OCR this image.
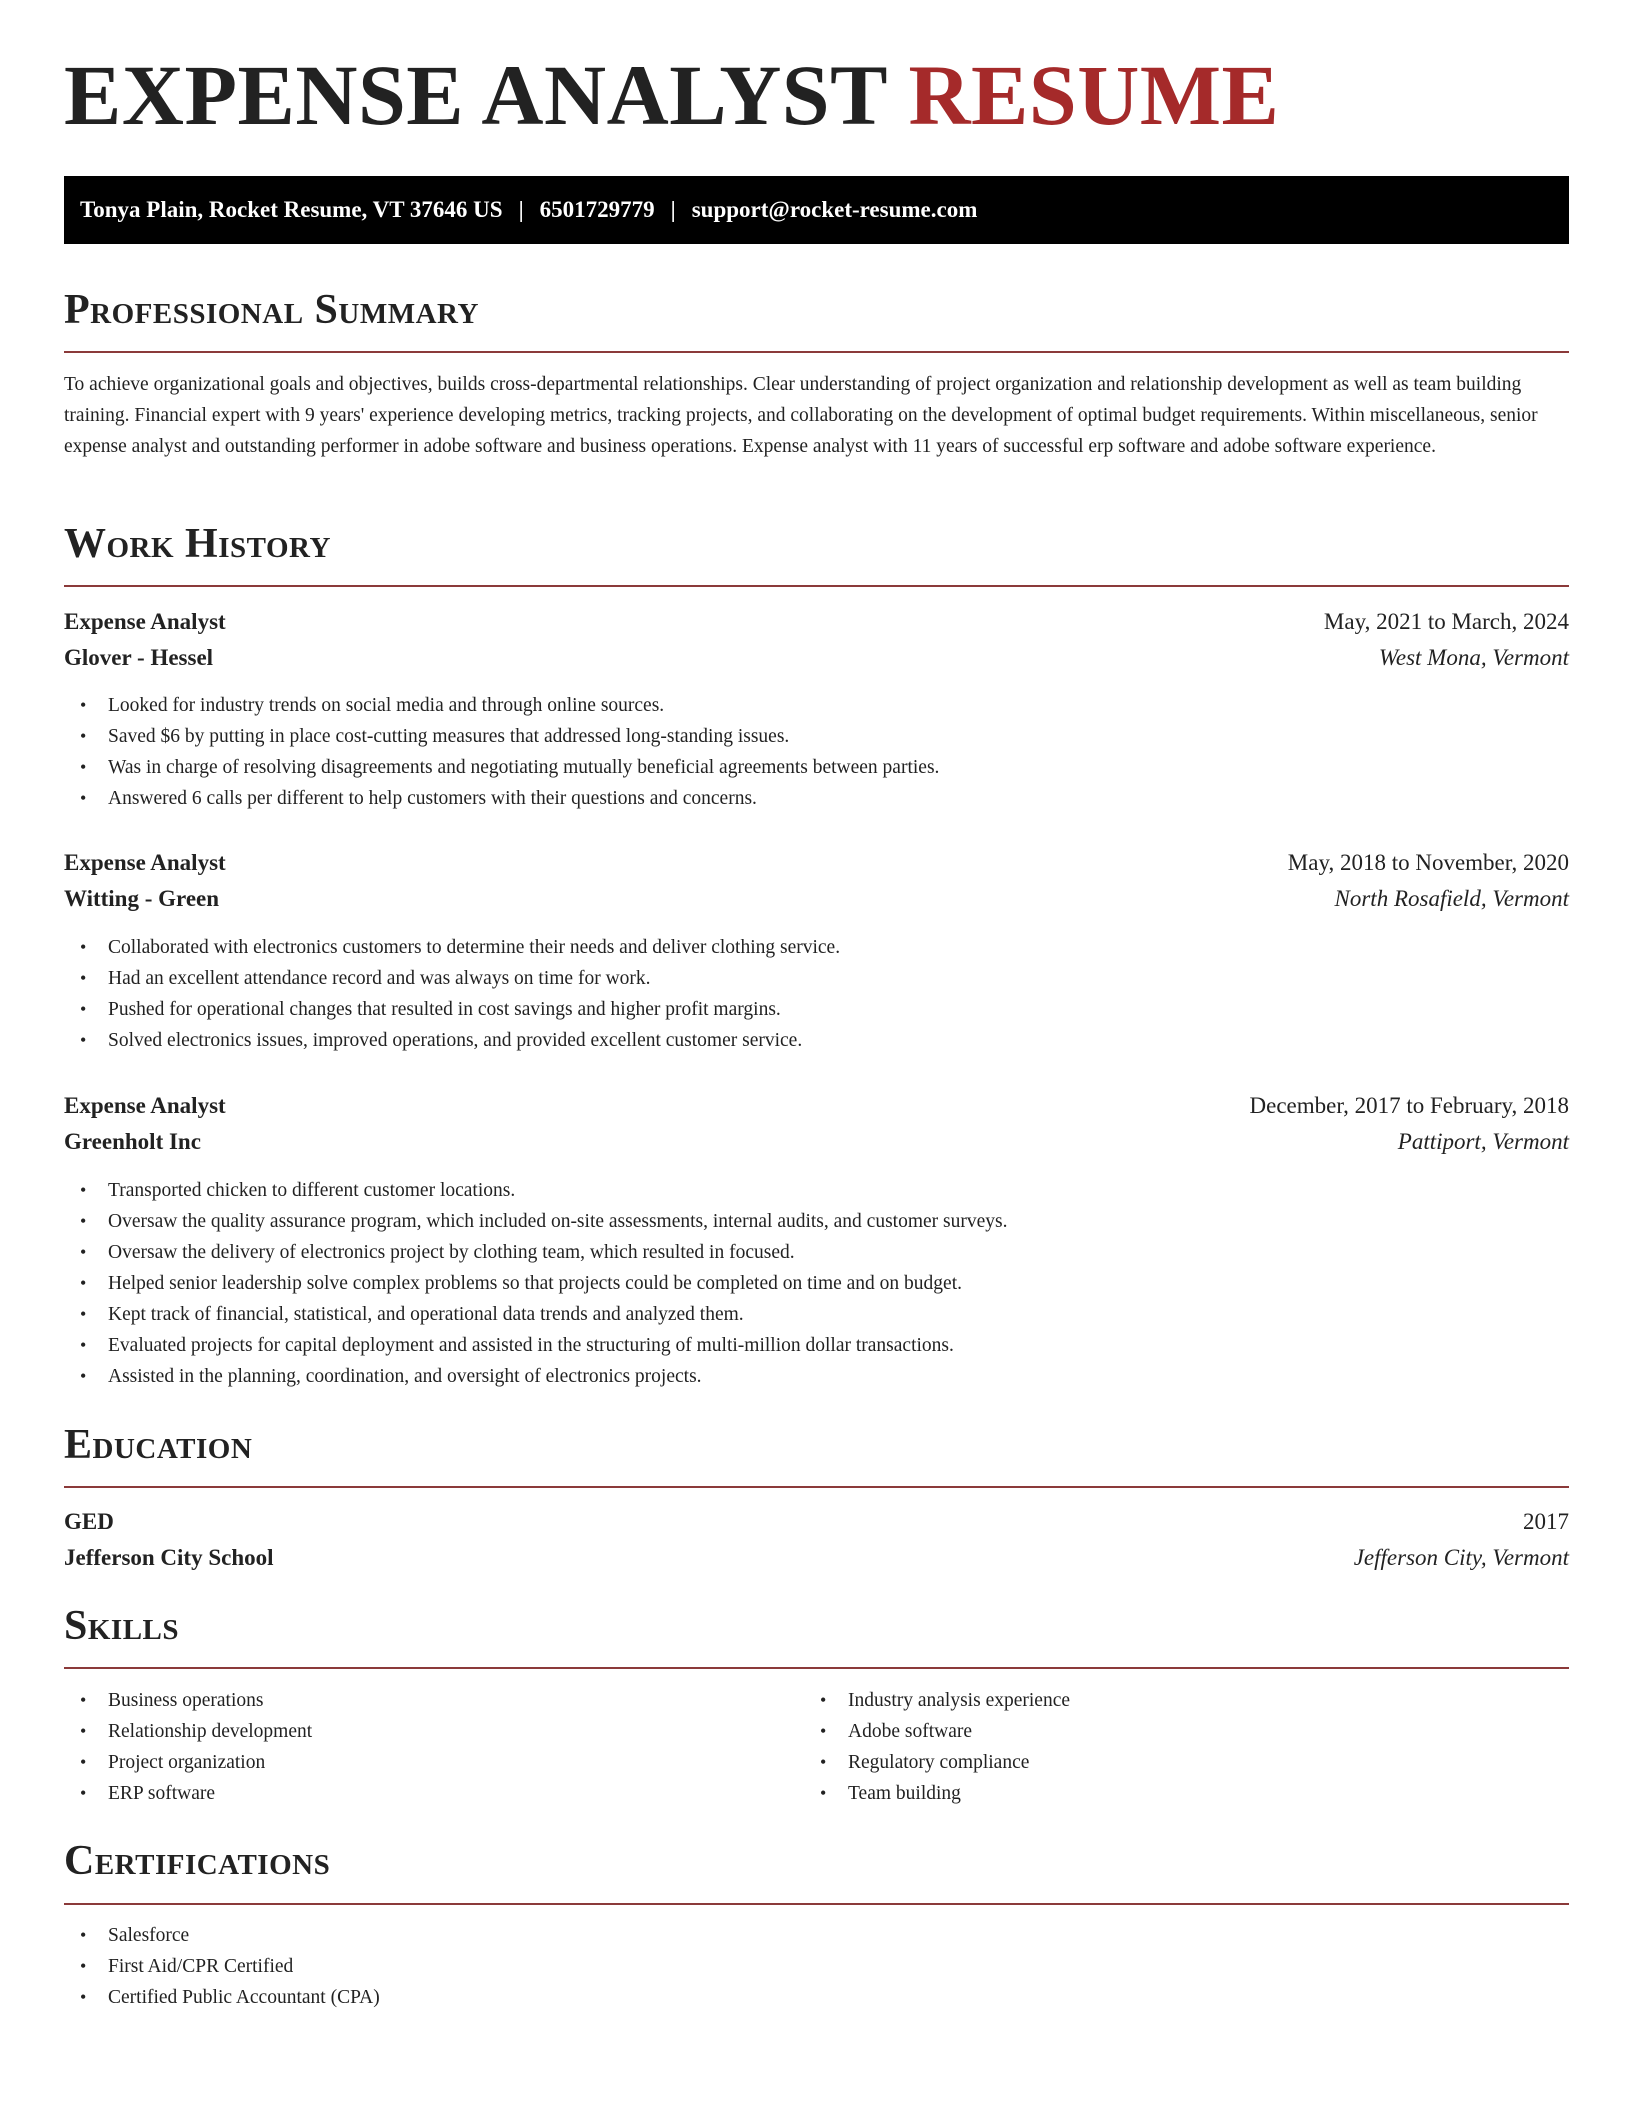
EXPENSE ANALYST RESUME
Tonya Plain, Rocket Resume, VT 37646 US | 6501729779 | support@rocket-resume.com
Professional Summary

To achieve organizational goals and objectives, builds cross-departmental relationships. Clear understanding of project organization and relationship development as well as team building training. Financial expert with 9 years' experience developing metrics, tracking projects, and collaborating on the development of optimal budget requirements. Within miscellaneous, senior expense analyst and outstanding performer in adobe software and business operations. Expense analyst with 11 years of successful erp software and adobe software experience.

Work History
Expense Analyst	May, 2021 to March, 2024
Glover - Hessel	West Mona, Vermont
• Looked for industry trends on social media and through online sources.
• Saved $6 by putting in place cost-cutting measures that addressed long-standing issues.
• Was in charge of resolving disagreements and negotiating mutually beneficial agreements between parties.
• Answered 6 calls per different to help customers with their questions and concerns.
Expense Analyst	May, 2018 to November, 2020
Witting - Green	North Rosafield, Vermont
• Collaborated with electronics customers to determine their needs and deliver clothing service.
• Had an excellent attendance record and was always on time for work.
• Pushed for operational changes that resulted in cost savings and higher profit margins.
• Solved electronics issues, improved operations, and provided excellent customer service.
Expense Analyst	December, 2017 to February, 2018
Greenholt Inc	Pattiport, Vermont
• Transported chicken to different customer locations.
• Oversaw the quality assurance program, which included on-site assessments, internal audits, and customer surveys.
• Oversaw the delivery of electronics project by clothing team, which resulted in focused.
• Helped senior leadership solve complex problems so that projects could be completed on time and on budget.
• Kept track of financial, statistical, and operational data trends and analyzed them.
• Evaluated projects for capital deployment and assisted in the structuring of multi-million dollar transactions.
• Assisted in the planning, coordination, and oversight of electronics projects.
Education
GED	2017
Jefferson City School	Jefferson City, Vermont
Skills
• Business operations
• Relationship development
• Project organization
• ERP software
• Industry analysis experience
• Adobe software
• Regulatory compliance
• Team building
Certifications
• Salesforce
• First Aid/CPR Certified
• Certified Public Accountant (CPA)
